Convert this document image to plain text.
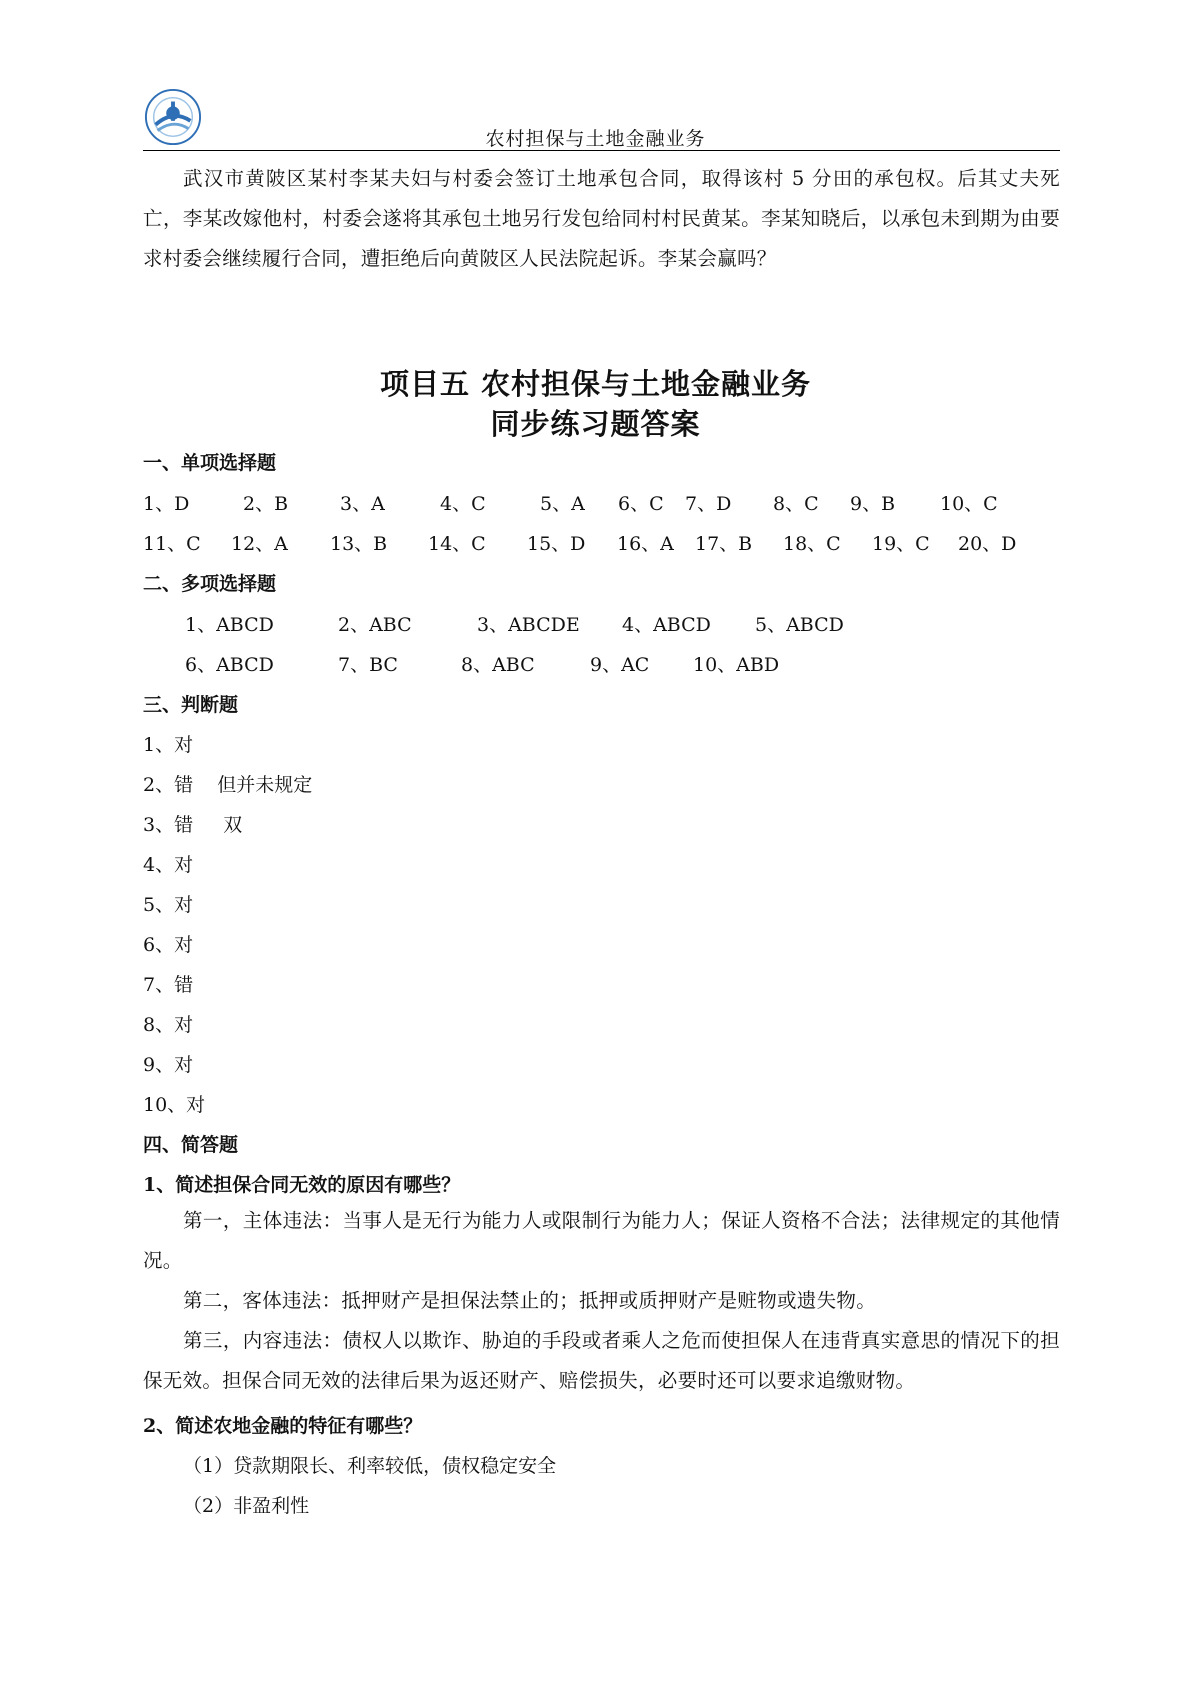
农村担保与土地金融业务
武汉市黄陂区某村李某夫妇与村委会签订土地承包合同，取得该村 5 分田的承包权。后其丈夫死亡，李某改嫁他村，村委会遂将其承包土地另行发包给同村村民黄某。李某知晓后，以承包未到期为由要求村委会继续履行合同，遭拒绝后向黄陂区人民法院起诉。李某会赢吗？
项目五 农村担保与土地金融业务
同步练习题答案
一、单项选择题
1、D	2、B	3、A	4、C	5、A 6、C 7、D 8、C 9、B 10、C
11、C 12、A 13、B 14、C 15、D 16、A 17、B 18、C 19、C 20、D
二、多项选择题
1、ABCD	2、ABC	3、ABCDE 4、ABCD 5、ABCD
6、ABCD	7、BC	8、ABC	9、AC 10、ABD
三、判断题
1、对
2、错    但并未规定
3、错     双
4、对
5、对
6、对
7、错
8、对
9、对
10、对
四、简答题
1、简述担保合同无效的原因有哪些？
第一，主体违法：当事人是无行为能力人或限制行为能力人；保证人资格不合法；法律规定的其他情况。
第二，客体违法：抵押财产是担保法禁止的；抵押或质押财产是赃物或遗失物。
第三，内容违法：债权人以欺诈、胁迫的手段或者乘人之危而使担保人在违背真实意思的情况下的担保无效。担保合同无效的法律后果为返还财产、赔偿损失，必要时还可以要求追缴财物。
2、简述农地金融的特征有哪些？
（1）贷款期限长、利率较低，债权稳定安全
（2）非盈利性
